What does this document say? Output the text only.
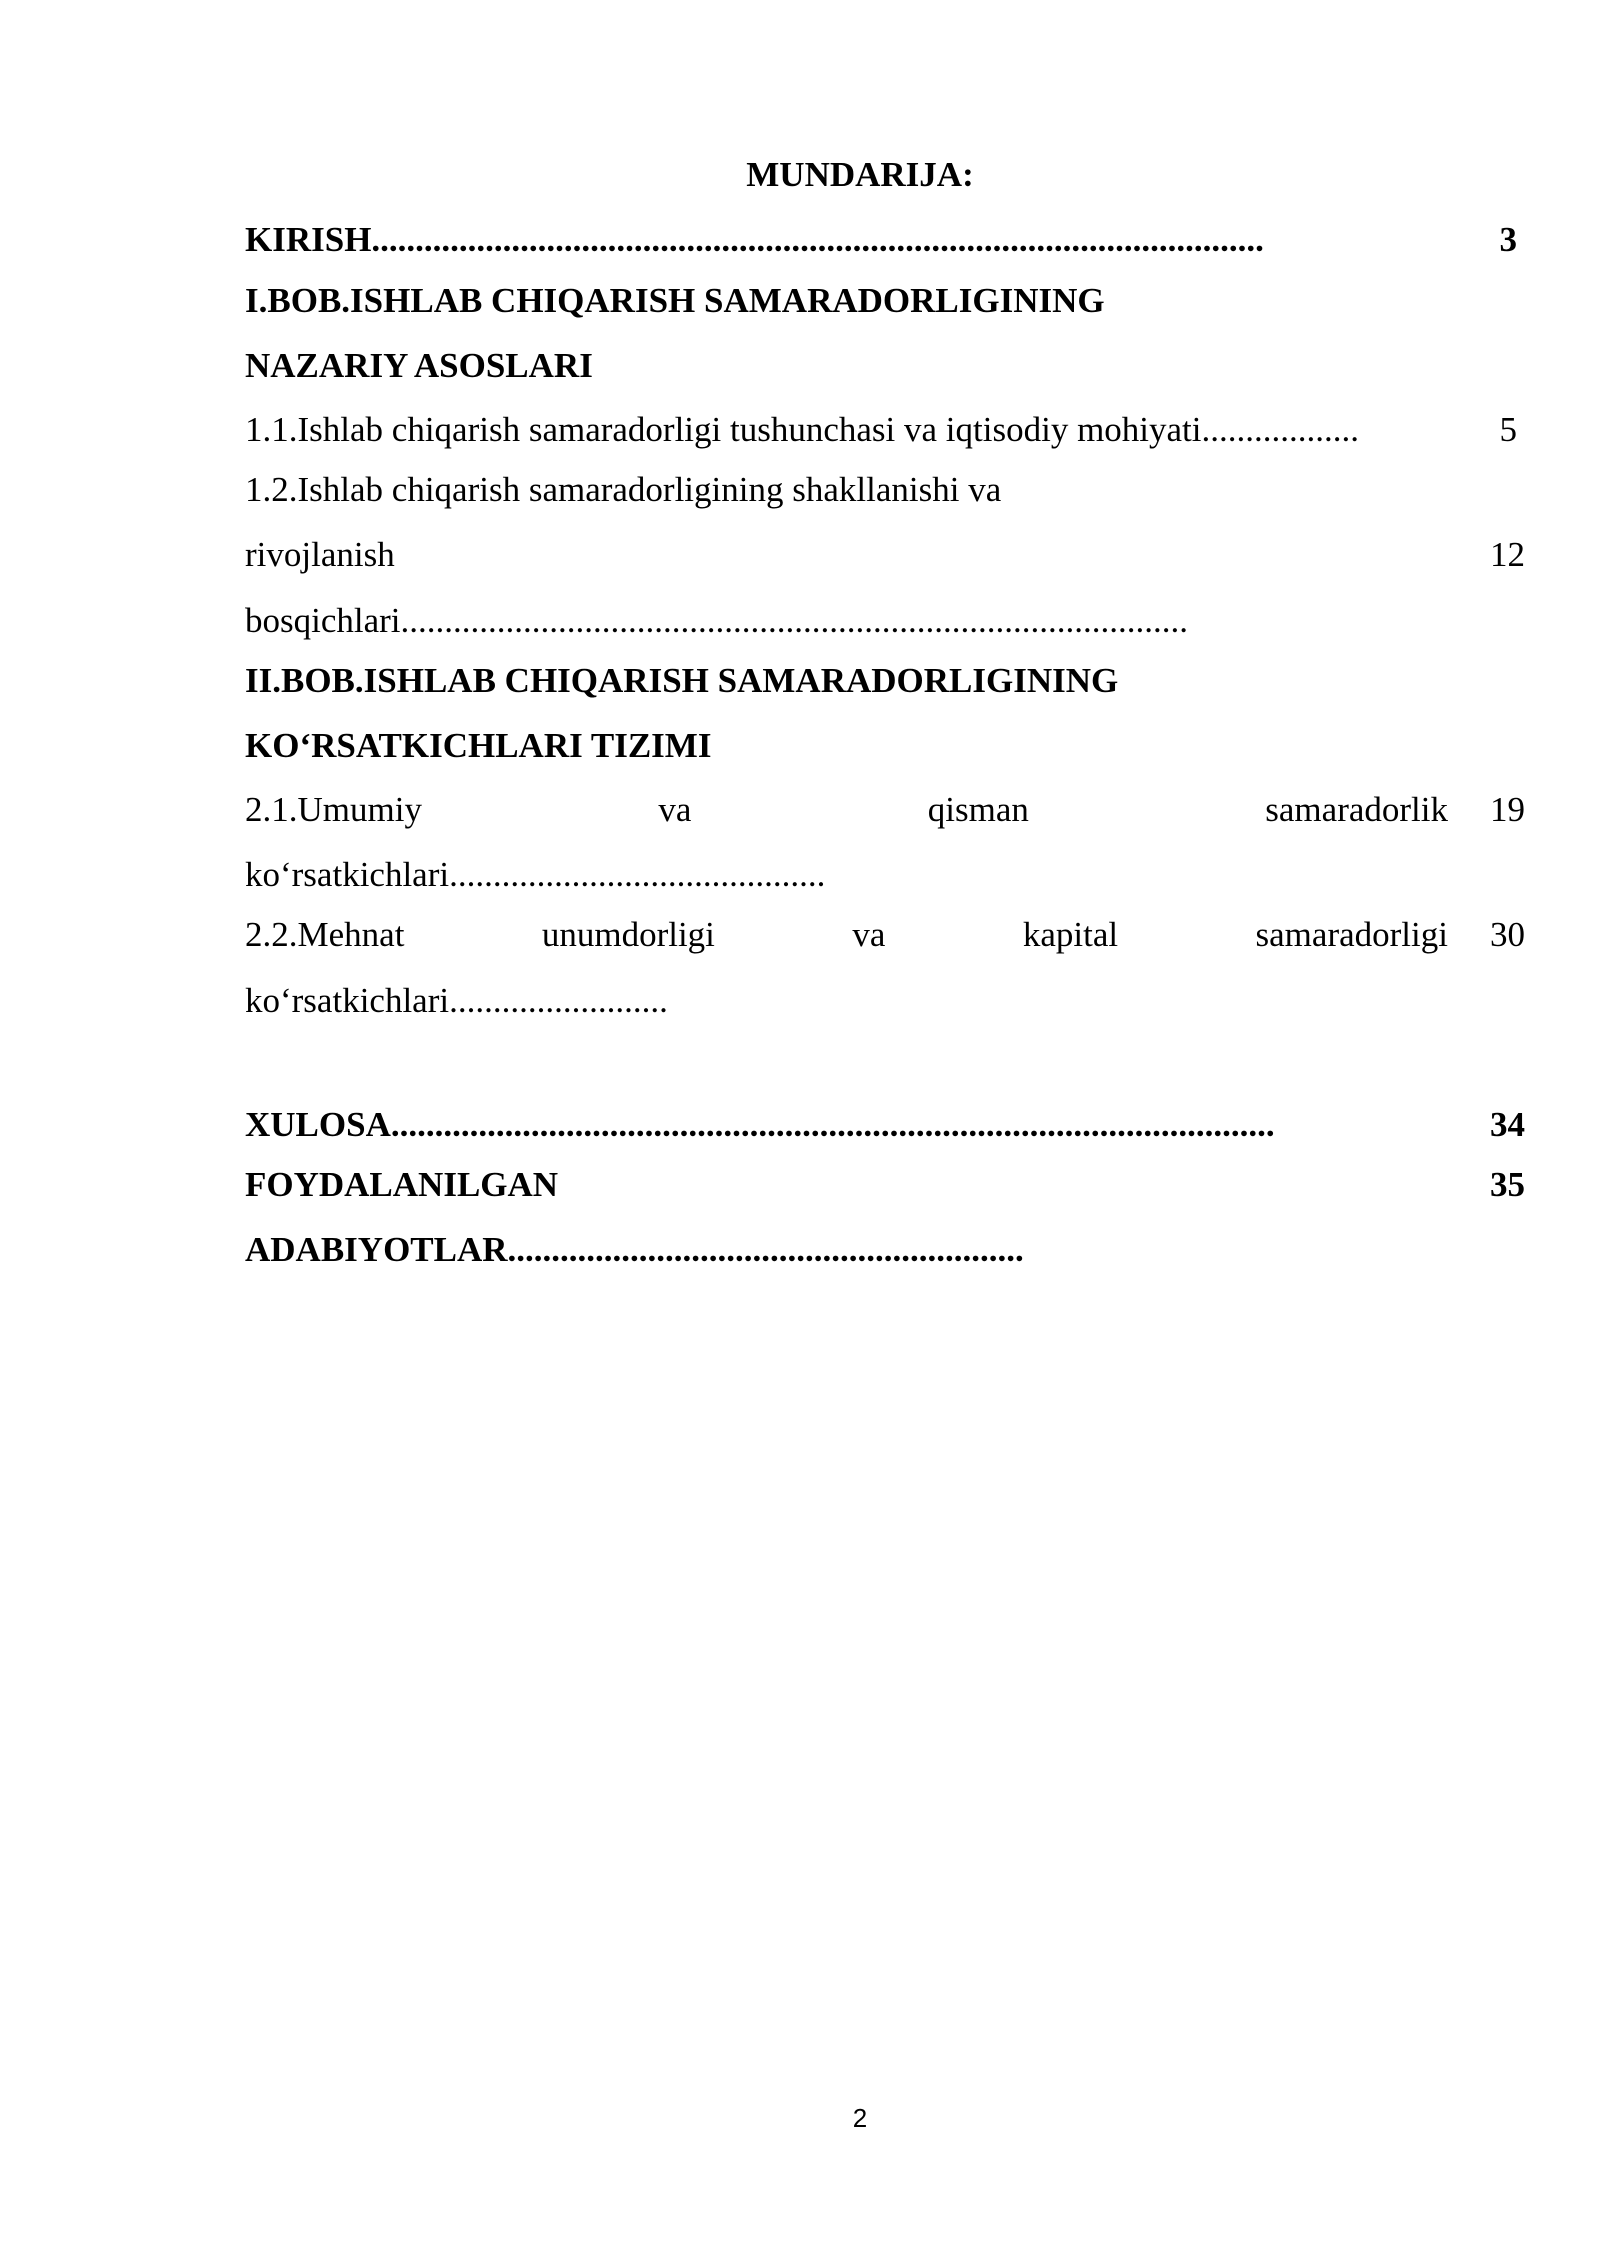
MUNDARIJA:
KIRISH......................................................................................................	3
I.BOB.ISHLAB CHIQARISH SAMARADORLIGINING
NAZARIY ASOSLARI
1.1.Ishlab chiqarish samaradorligi tushunchasi va iqtisodiy mohiyati..................	5
1.2.Ishlab chiqarish samaradorligining shakllanishi va
rivojlanish	12
bosqichlari..........................................................................................
II.BOB.ISHLAB CHIQARISH SAMARADORLIGINING
KO‘RSATKICHLARI TIZIMI
2.1.Umumiy	va	qisman	samaradorlik 19
ko‘rsatkichlari...........................................
2.2.Mehnat	unumdorligi	va	kapital	samaradorligi 30
ko‘rsatkichlari.........................
XULOSA.....................................................................................................	34
FOYDALANILGAN	35
ADABIYOTLAR...........................................................
2
